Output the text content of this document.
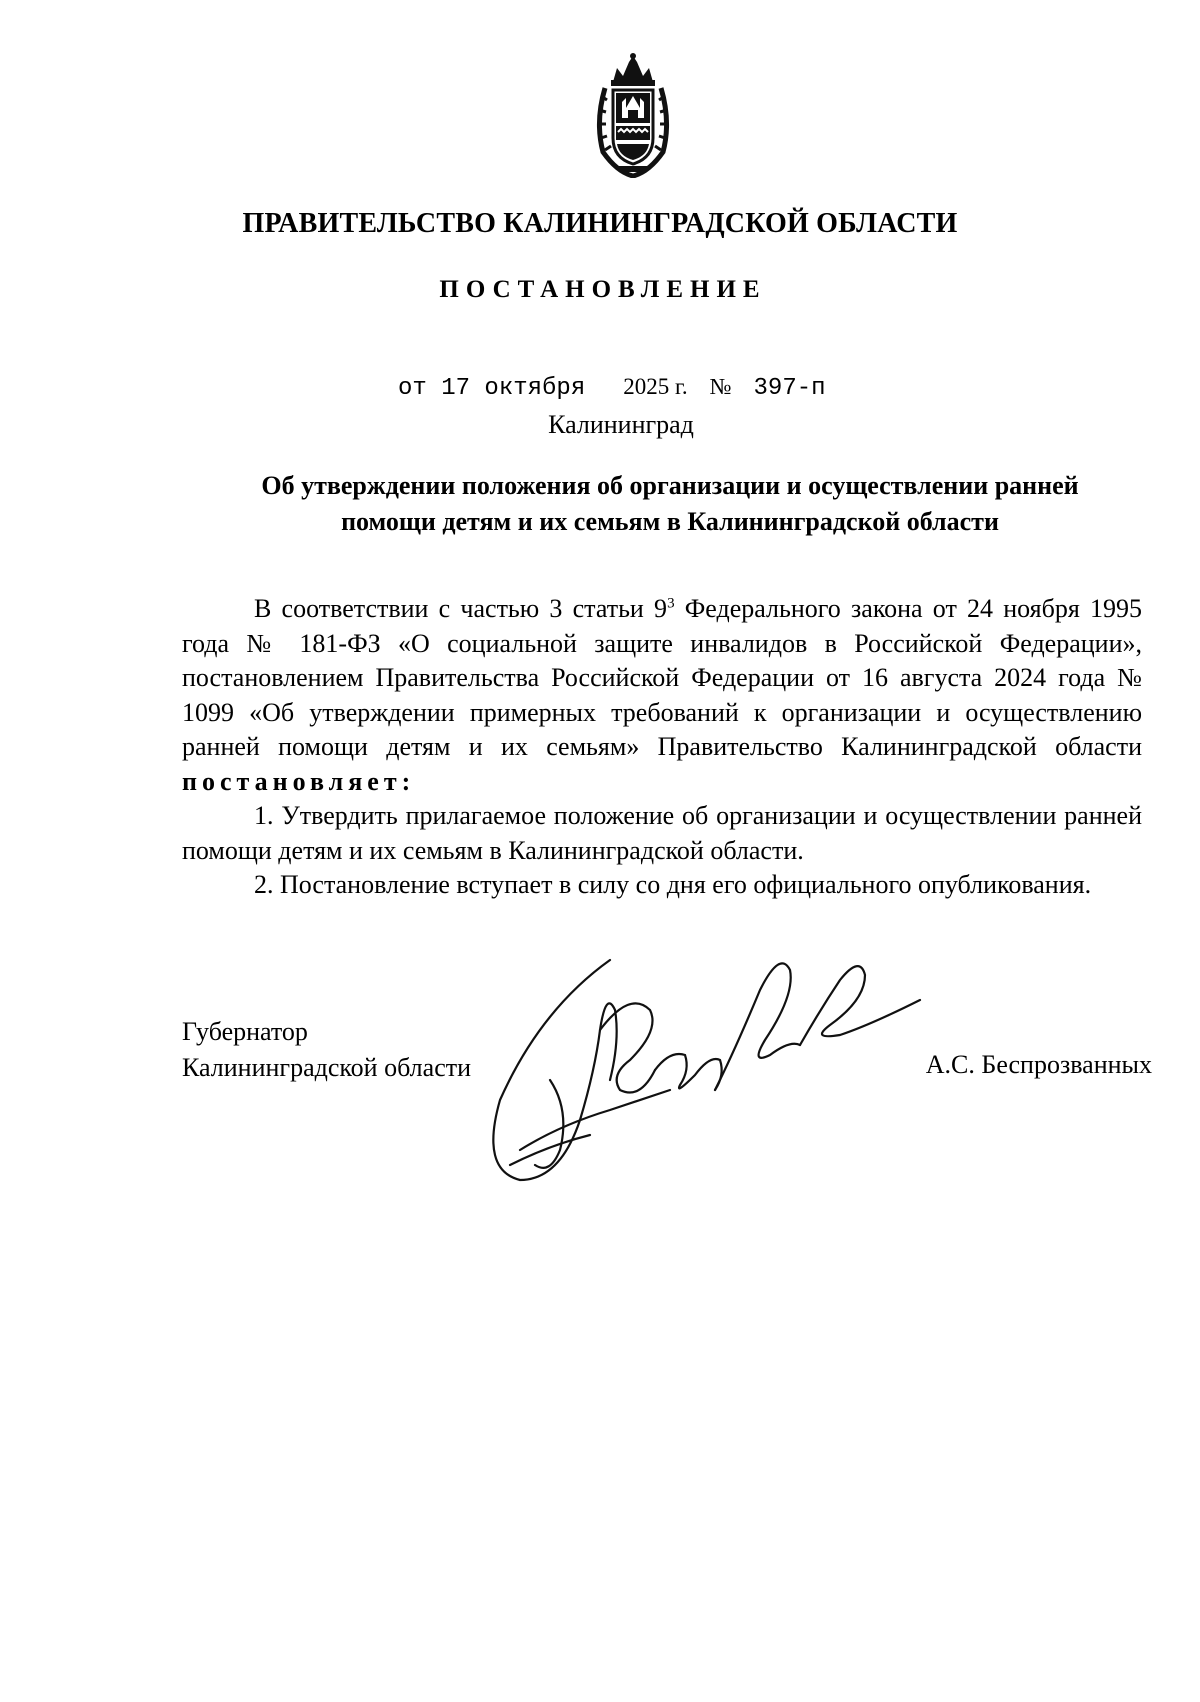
ПРАВИТЕЛЬСТВО КАЛИНИНГРАДСКОЙ ОБЛАСТИ
ПОСТАНОВЛЕНИЕ
от 17 октября 2025 г. № 397-п
Калининград
Об утверждении положения об организации и осуществлении ранней помощи детям и их семьям в Калининградской области

В соответствии с частью 3 статьи $9^3$ Федерального закона от 24 ноября 1995 года № 181-ФЗ «О социальной защите инвалидов в Российской Федерации», постановлением Правительства Российской Федерации от 16 августа 2024 года № 1099 «Об утверждении примерных требований к организации и осуществлению ранней помощи детям и их семьям» Правительство Калининградской области постановляет:

1. Утвердить прилагаемое положение об организации и осуществлении ранней помощи детям и их семьям в Калининградской области.

2. Постановление вступает в силу со дня его официального опубликования.

Губернатор
Калининградской области	А.С. Беспрозванных
